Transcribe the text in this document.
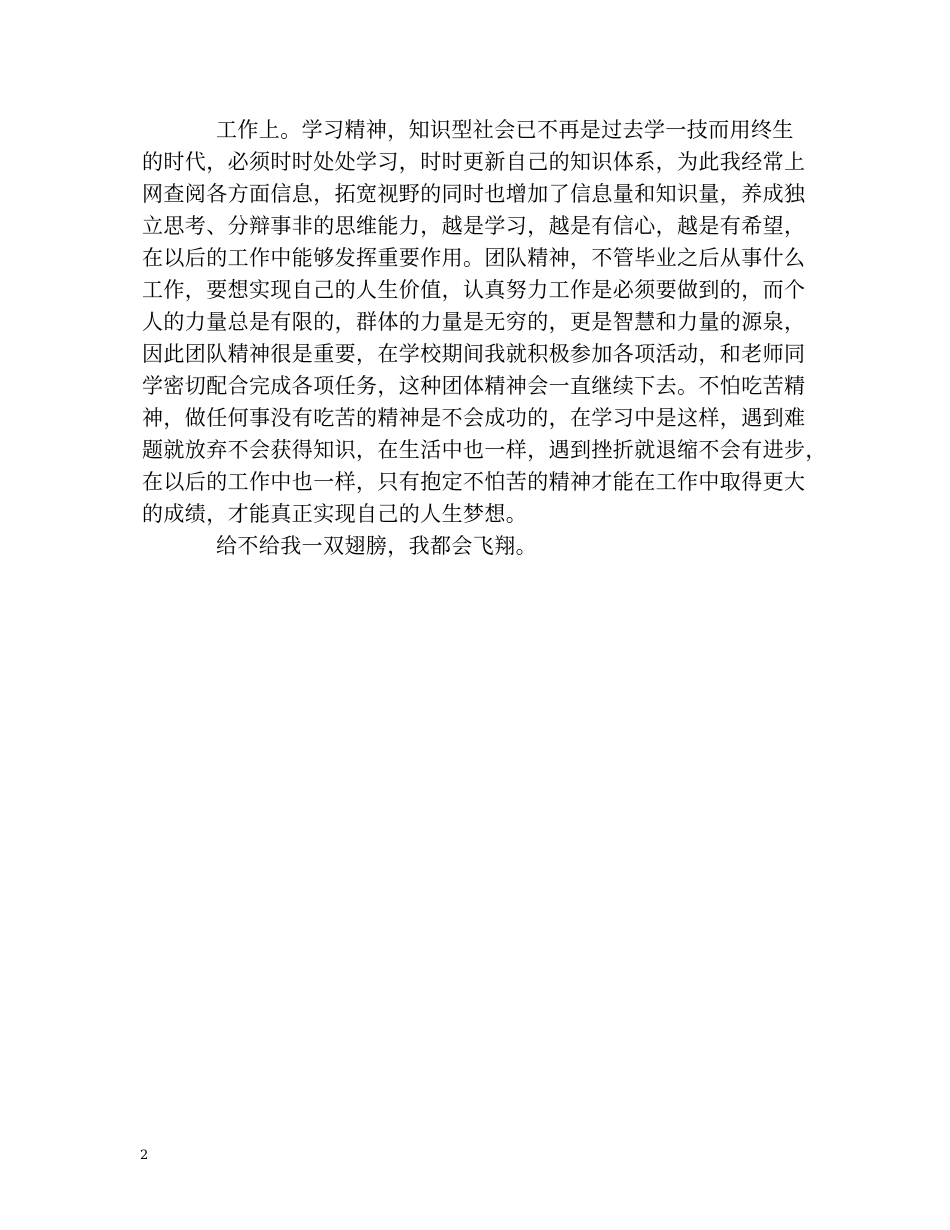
工作上。学习精神，知识型社会已不再是过去学一技而用终生
的时代，必须时时处处学习，时时更新自己的知识体系，为此我经常上
网查阅各方面信息，拓宽视野的同时也增加了信息量和知识量，养成独
立思考、分辩事非的思维能力，越是学习，越是有信心，越是有希望，
在以后的工作中能够发挥重要作用。团队精神，不管毕业之后从事什么
工作，要想实现自己的人生价值，认真努力工作是必须要做到的，而个
人的力量总是有限的，群体的力量是无穷的，更是智慧和力量的源泉，
因此团队精神很是重要，在学校期间我就积极参加各项活动，和老师同
学密切配合完成各项任务，这种团体精神会一直继续下去。不怕吃苦精
神，做任何事没有吃苦的精神是不会成功的，在学习中是这样，遇到难
题就放弃不会获得知识，在生活中也一样，遇到挫折就退缩不会有进步，
在以后的工作中也一样，只有抱定不怕苦的精神才能在工作中取得更大
的成绩，才能真正实现自己的人生梦想。
给不给我一双翅膀，我都会飞翔。
2
